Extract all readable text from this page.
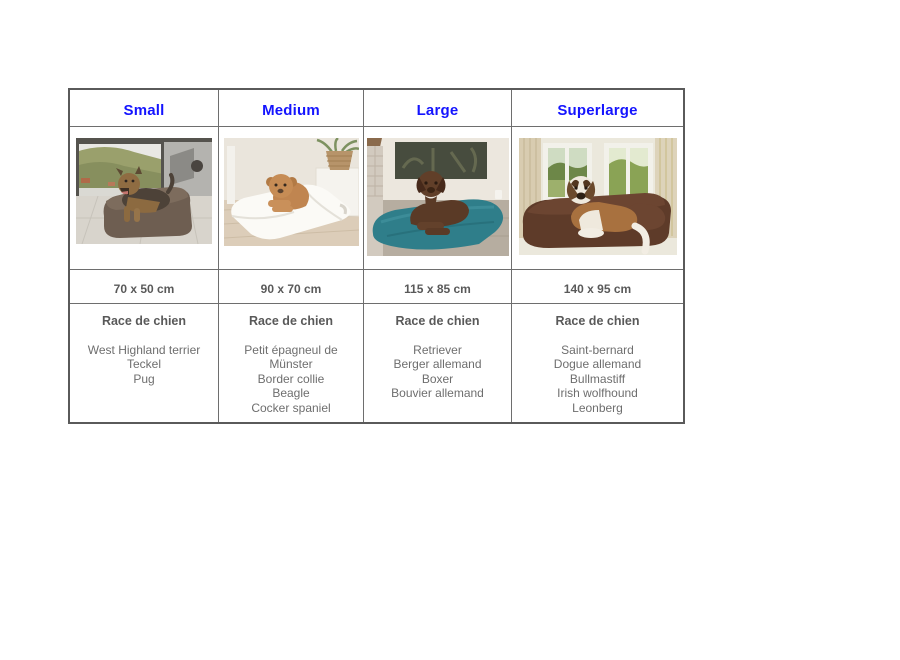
Small	Medium	Large	Superlarge
70 x 50 cm	90 x 70 cm	115 x 85 cm	140 x 95 cm
Race de chien
West Highland terrier
Teckel
Pug
Race de chien
Petit épagneul de Münster
Border collie
Beagle
Cocker spaniel
Race de chien
Retriever
Berger allemand
Boxer
Bouvier allemand
Race de chien
Saint-bernard
Dogue allemand
Bullmastiff
Irish wolfhound
Leonberg
